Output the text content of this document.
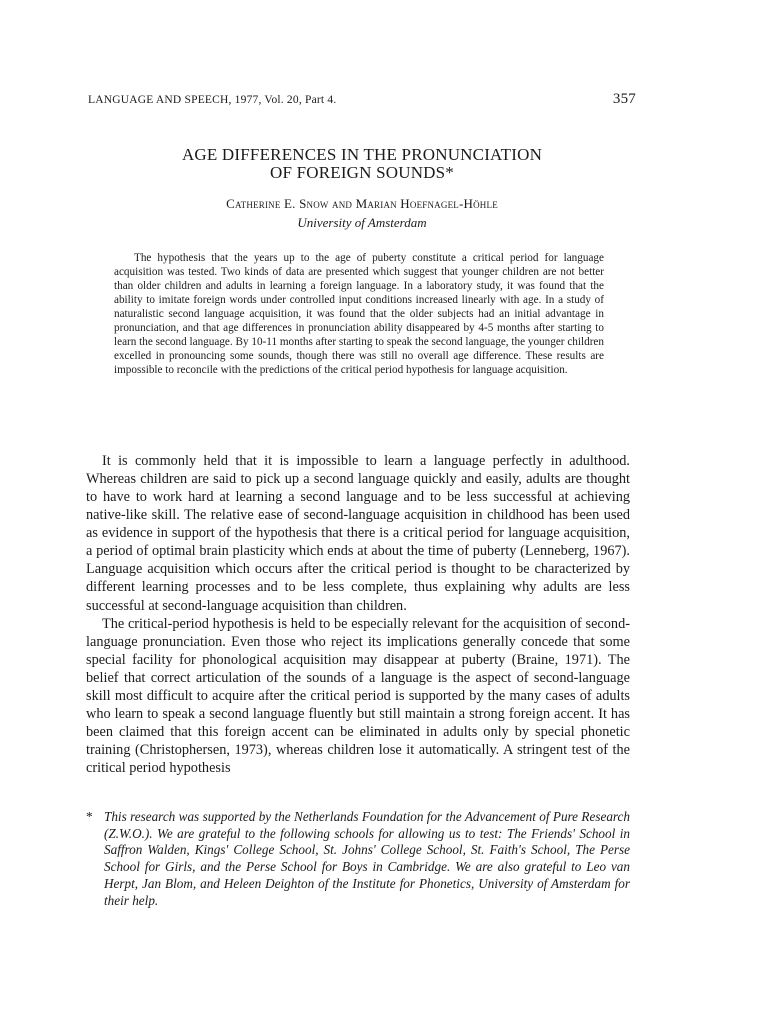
LANGUAGE AND SPEECH, 1977, Vol. 20, Part 4.	357
AGE DIFFERENCES IN THE PRONUNCIATION
OF FOREIGN SOUNDS*
Catherine E. Snow and Marian Hoefnagel-Höhle
University of Amsterdam

The hypothesis that the years up to the age of puberty constitute a critical period for language acquisition was tested. Two kinds of data are presented which suggest that younger children are not better than older children and adults in learning a foreign language. In a laboratory study, it was found that the ability to imitate foreign words under controlled input conditions increased linearly with age. In a study of naturalistic second language acquisition, it was found that the older subjects had an initial advantage in pronunciation, and that age differences in pronunciation ability disappeared by 4-5 months after starting to learn the second language. By 10-11 months after starting to speak the second language, the younger children excelled in pronouncing some sounds, though there was still no overall age difference. These results are impossible to reconcile with the predictions of the critical period hypothesis for language acquisition.

It is commonly held that it is impossible to learn a language perfectly in adulthood. Whereas children are said to pick up a second language quickly and easily, adults are thought to have to work hard at learning a second language and to be less successful at achieving native-like skill. The relative ease of second-language acquisition in childhood has been used as evidence in support of the hypothesis that there is a critical period for language acquisition, a period of optimal brain plasticity which ends at about the time of puberty (Lenneberg, 1967). Language acquisition which occurs after the critical period is thought to be characterized by different learning processes and to be less complete, thus explaining why adults are less successful at second-language acquisition than children.

The critical-period hypothesis is held to be especially relevant for the acquisition of second-language pronunciation. Even those who reject its implications generally concede that some special facility for phonological acquisition may disappear at puberty (Braine, 1971). The belief that correct articulation of the sounds of a language is the aspect of second-language skill most difficult to acquire after the critical period is supported by the many cases of adults who learn to speak a second language fluently but still maintain a strong foreign accent. It has been claimed that this foreign accent can be eliminated in adults only by special phonetic training (Christophersen, 1973), whereas children lose it automatically. A stringent test of the critical period hypothesis

* This research was supported by the Netherlands Foundation for the Advancement of Pure Research (Z.W.O.). We are grateful to the following schools for allowing us to test: The Friends' School in Saffron Walden, Kings' College School, St. Johns' College School, St. Faith's School, The Perse School for Girls, and the Perse School for Boys in Cambridge. We are also grateful to Leo van Herpt, Jan Blom, and Heleen Deighton of the Institute for Phonetics, University of Amsterdam for their help.
